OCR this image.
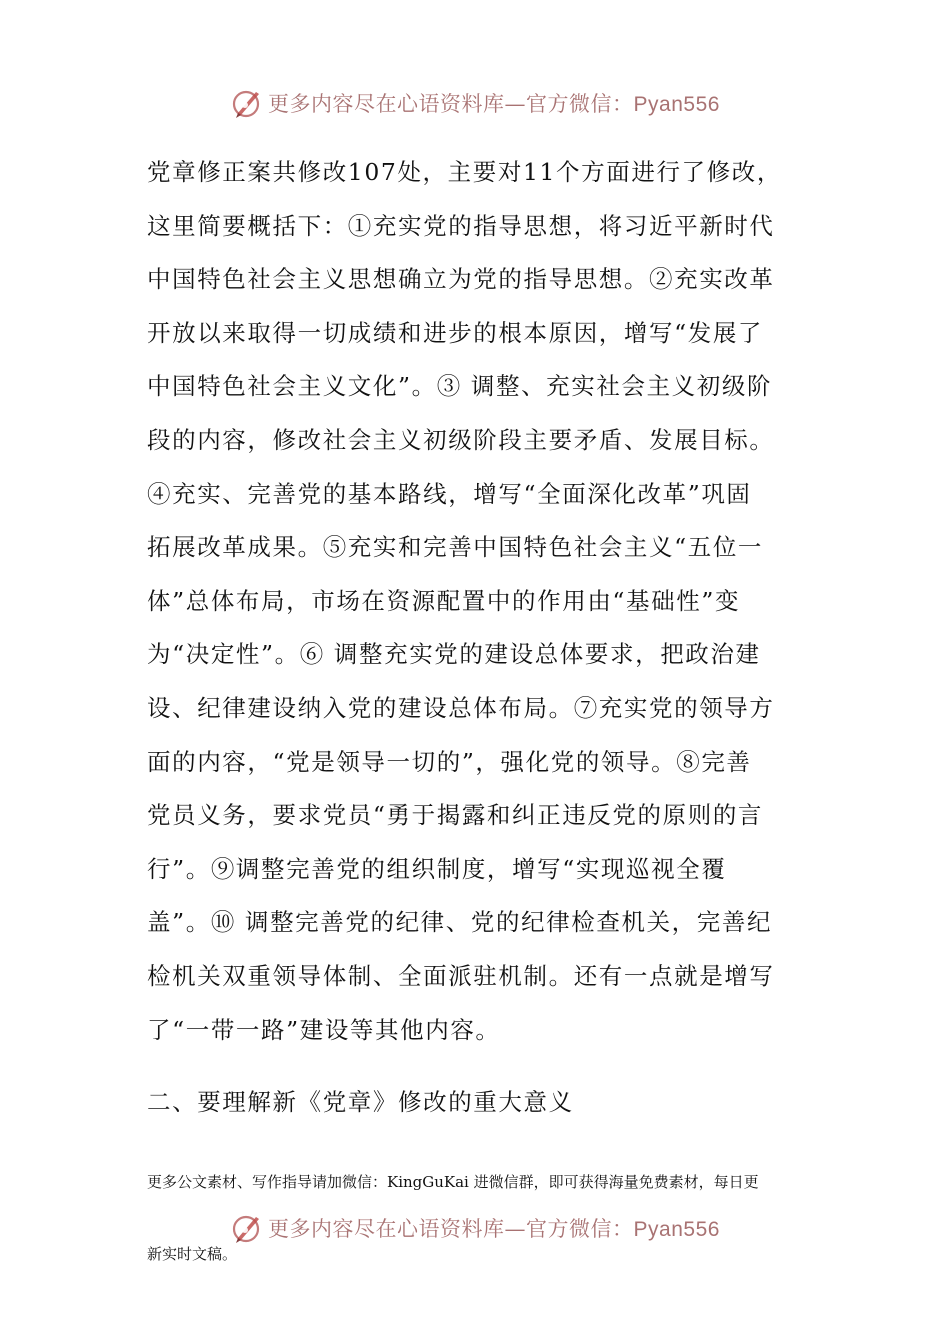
更多内容尽在心语资料库—官方微信：Pyan556

党章修正案共修改107处，主要对11个方面进行了修改，

这里简要概括下：①充实党的指导思想，将习近平新时代

中国特色社会主义思想确立为党的指导思想。②充实改革

开放以来取得一切成绩和进步的根本原因，增写“发展了

中国特色社会主义文化”。③ 调整、充实社会主义初级阶

段的内容，修改社会主义初级阶段主要矛盾、发展目标。

④充实、完善党的基本路线，增写“全面深化改革”巩固

拓展改革成果。⑤充实和完善中国特色社会主义“五位一

体”总体布局，市场在资源配置中的作用由“基础性”变

为“决定性”。⑥ 调整充实党的建设总体要求，把政治建

设、纪律建设纳入党的建设总体布局。⑦充实党的领导方

面的内容，“党是领导一切的”，强化党的领导。⑧完善

党员义务，要求党员“勇于揭露和纠正违反党的原则的言

行”。⑨调整完善党的组织制度，增写“实现巡视全覆

盖”。⑩ 调整完善党的纪律、党的纪律检查机关，完善纪

检机关双重领导体制、全面派驻机制。还有一点就是增写

了“一带一路”建设等其他内容。

二、要理解新《党章》修改的重大意义
更多公文素材、写作指导请加微信：KingGuKai 进微信群，即可获得海量免费素材，每日更
更多内容尽在心语资料库—官方微信：Pyan556
新实时文稿。
